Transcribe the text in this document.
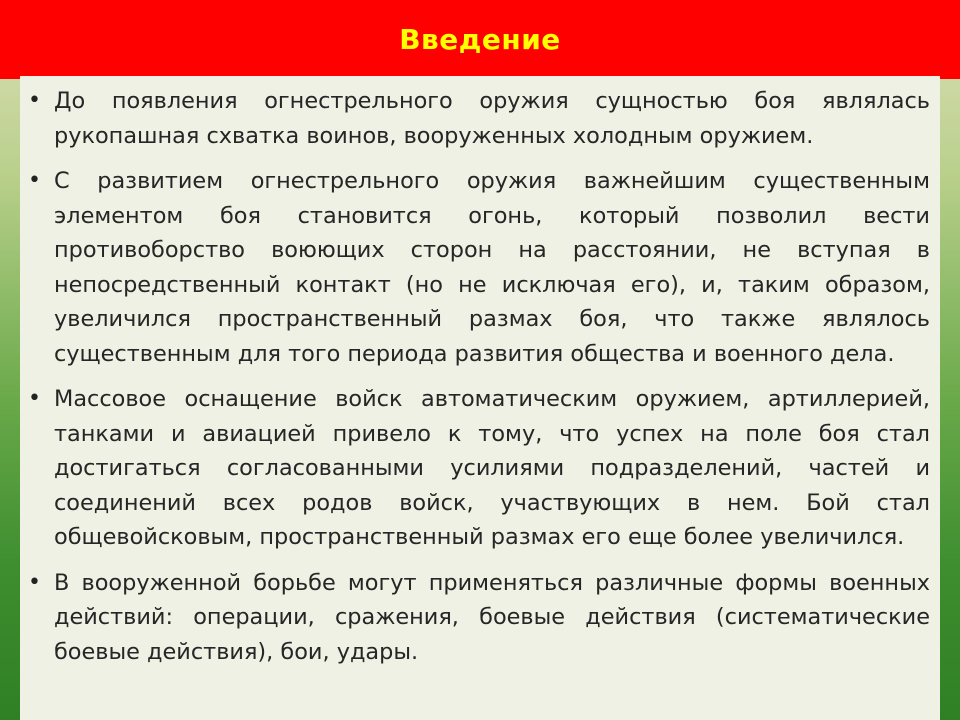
Введение
• До появления огнестрельного оружия сущностью боя являлась рукопашная схватка воинов, вооруженных холодным оружием.
• С развитием огнестрельного оружия важнейшим существенным элементом боя становится огонь, который позволил вести противоборство воюющих сторон на расстоянии, не вступая в непосредственный контакт (но не исключая его), и, таким образом, увеличился пространственный размах боя, что также являлось существенным для того периода развития общества и военного дела.
• Массовое оснащение войск автоматическим оружием, артиллерией, танками и авиацией привело к тому, что успех на поле боя стал достигаться согласованными усилиями подразделений, частей и соединений всех родов войск, участвующих в нем. Бой стал общевойсковым, пространственный размах его еще более увеличился.
• В вооруженной борьбе могут применяться различные формы военных действий: операции, сражения, боевые действия (систематические боевые действия), бои, удары.
